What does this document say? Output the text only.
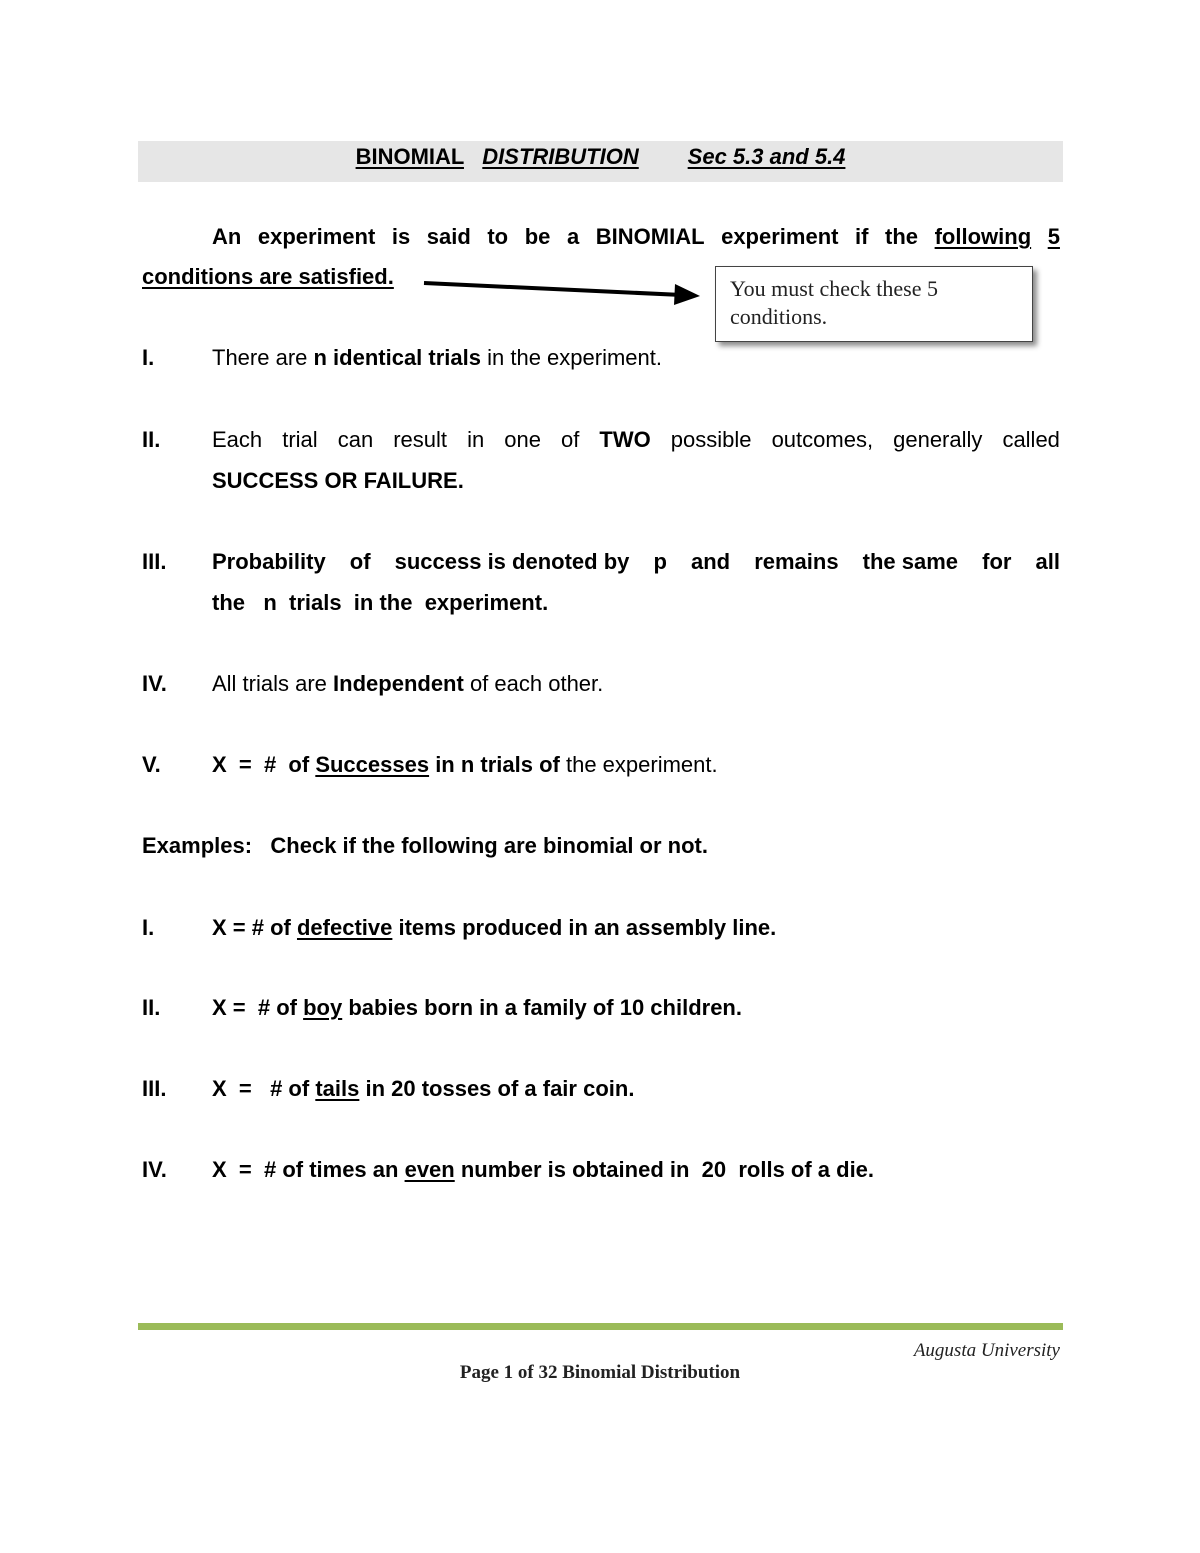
BINOMIAL DISTRIBUTION Sec 5.3 and 5.4
An experiment is said to be a BINOMIAL experiment if the following 5
conditions are satisfied.	You must check these 5 conditions.
I.	There are n identical trials in the experiment.
II. Each trial can result in one of TWO possible outcomes, generally called
SUCCESS OR FAILURE.
III. Probability of success is denoted by p and remains the same for all
the   n  trials  in the  experiment.
IV. All trials are Independent of each other.
V. X  =  #  of Successes in n trials of the experiment.
Examples:   Check if the following are binomial or not.
I.	X = # of defective items produced in an assembly line.
II. X =  # of boy babies born in a family of 10 children.
III. X  =   # of tails in 20 tosses of a fair coin.
IV. X  =  # of times an even number is obtained in  20  rolls of a die.
Augusta University
Page 1 of 32 Binomial Distribution
